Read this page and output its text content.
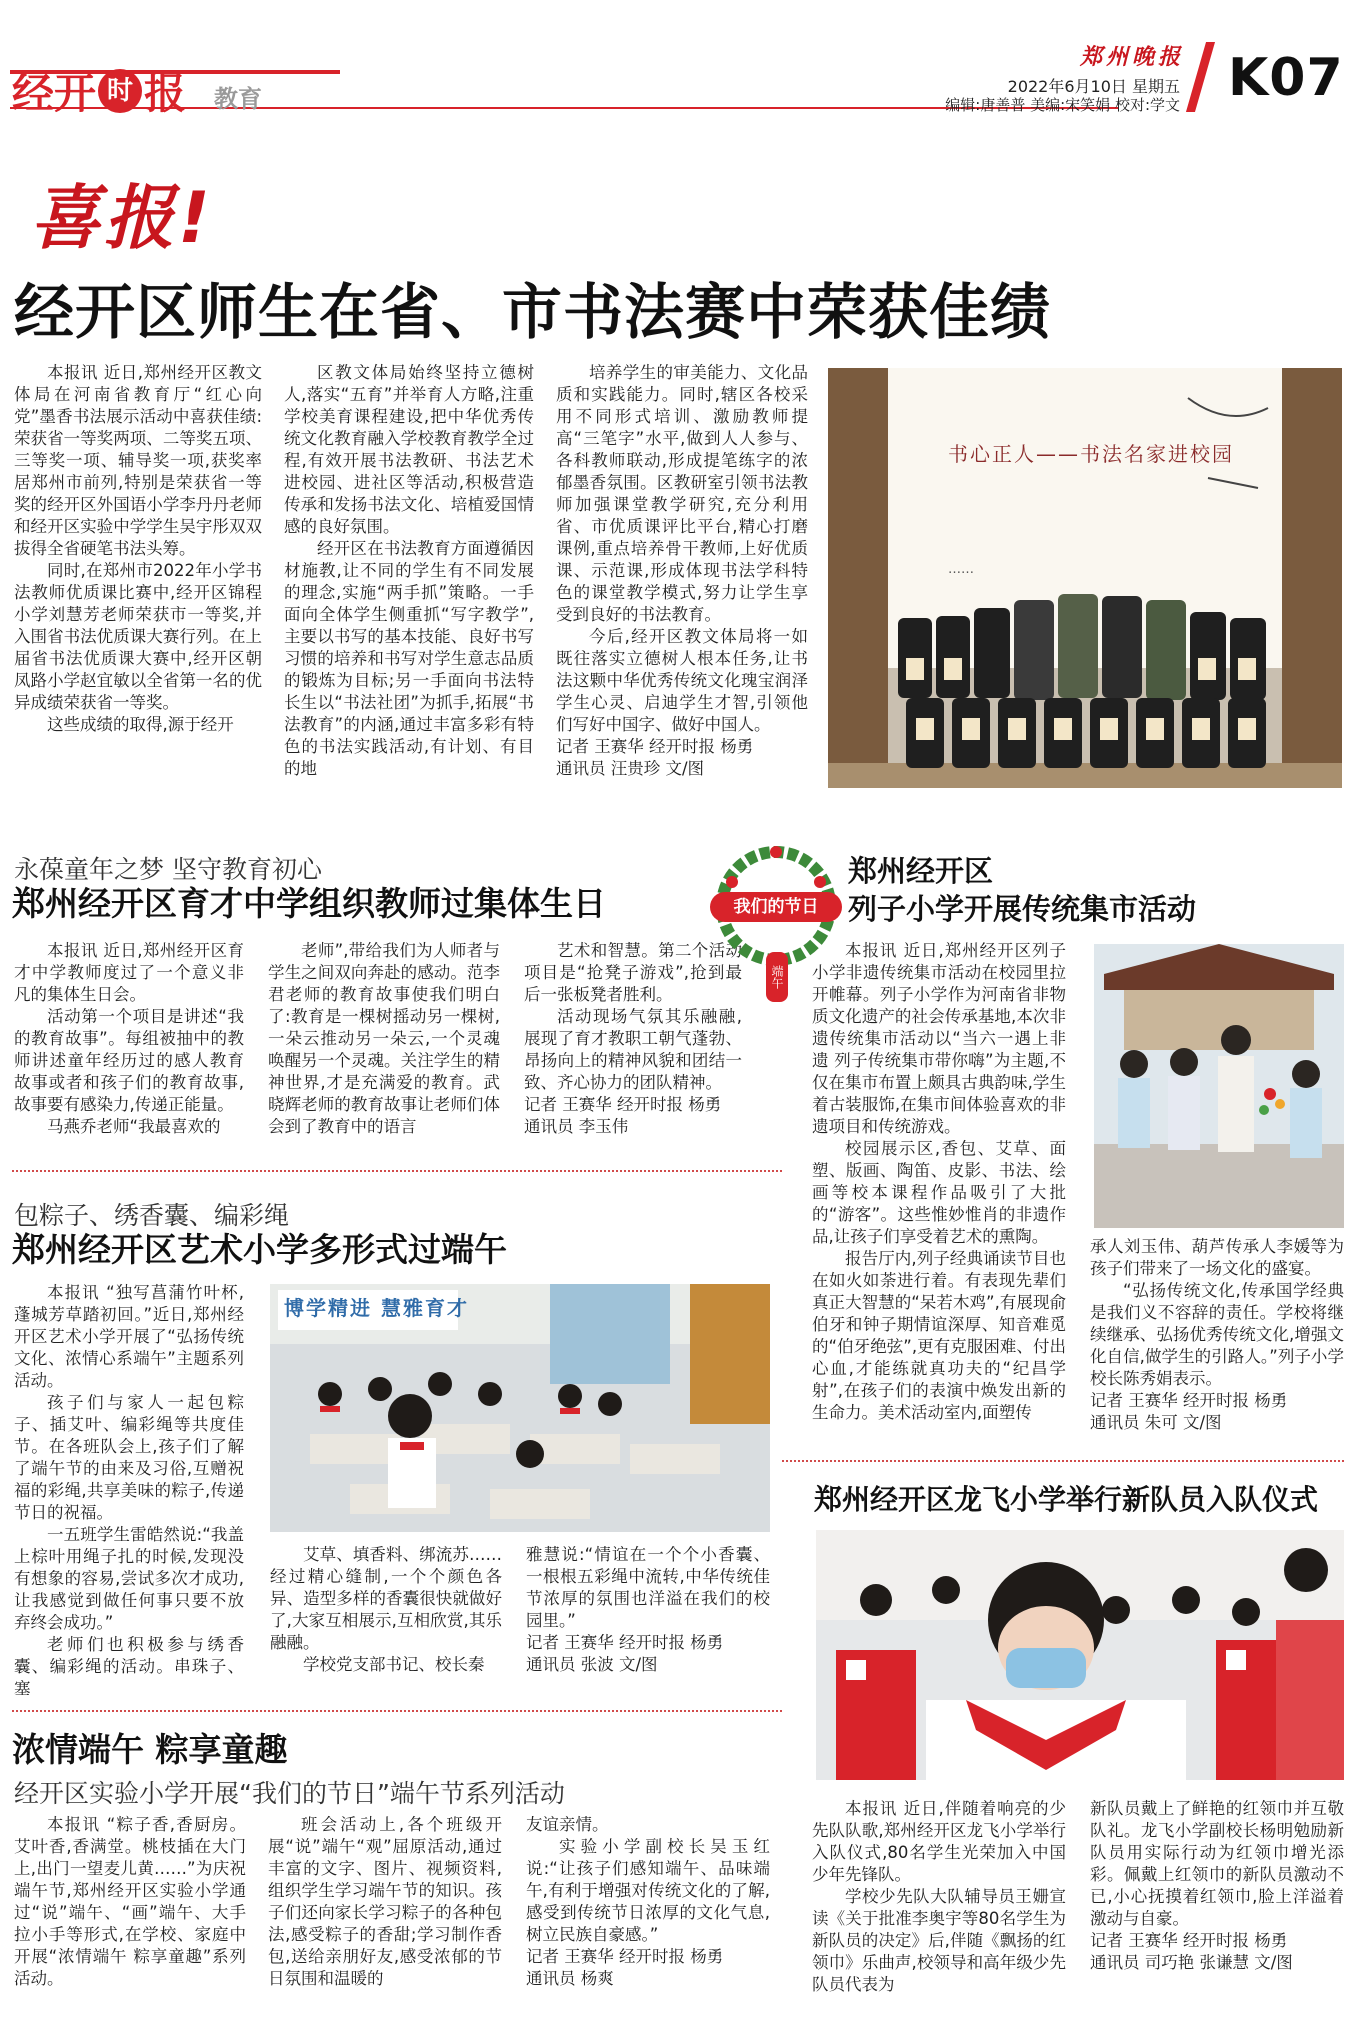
经开 时 报 教育
郑州晚报
2022年6月10日 星期五
编辑:唐善普 美编:宋笑娟 校对:学文 K07
喜报!
经开区师生在省、市书法赛中荣获佳绩

本报讯 近日,郑州经开区教文体局在河南省教育厅“红心向党”墨香书法展示活动中喜获佳绩:荣获省一等奖两项、二等奖五项、三等奖一项、辅导奖一项,获奖率居郑州市前列,特别是荣获省一等奖的经开区外国语小学李丹丹老师和经开区实验中学学生吴宇彤双双拔得全省硬笔书法头筹。

同时,在郑州市2022年小学书法教师优质课比赛中,经开区锦程小学刘慧芳老师荣获市一等奖,并入围省书法优质课大赛行列。在上届省书法优质课大赛中,经开区朝凤路小学赵宜敏以全省第一名的优异成绩荣获省一等奖。

这些成绩的取得,源于经开

区教文体局始终坚持立德树人,落实“五育”并举育人方略,注重学校美育课程建设,把中华优秀传统文化教育融入学校教育教学全过程,有效开展书法教研、书法艺术进校园、进社区等活动,积极营造传承和发扬书法文化、培植爱国情感的良好氛围。

经开区在书法教育方面遵循因材施教,让不同的学生有不同发展的理念,实施“两手抓”策略。一手面向全体学生侧重抓“写字教学”,主要以书写的基本技能、良好书写习惯的培养和书写对学生意志品质的锻炼为目标;另一手面向书法特长生以“书法社团”为抓手,拓展“书法教育”的内涵,通过丰富多彩有特色的书法实践活动,有计划、有目的地

培养学生的审美能力、文化品质和实践能力。同时,辖区各校采用不同形式培训、激励教师提高“三笔字”水平,做到人人参与、各科教师联动,形成提笔练字的浓郁墨香氛围。区教研室引领书法教师加强课堂教学研究,充分利用省、市优质课评比平台,精心打磨课例,重点培养骨干教师,上好优质课、示范课,形成体现书法学科特色的课堂教学模式,努力让学生享受到良好的书法教育。

今后,经开区教文体局将一如既往落实立德树人根本任务,让书法这颗中华优秀传统文化瑰宝润泽学生心灵、启迪学生才智,引领他们写好中国字、做好中国人。

记者 王赛华 经开时报 杨勇
通讯员 汪贵珍 文/图
……
书心正人——书法名家进校园
永葆童年之梦 坚守教育初心
郑州经开区育才中学组织教师过集体生日

本报讯 近日,郑州经开区育才中学教师度过了一个意义非凡的集体生日会。

活动第一个项目是讲述“我的教育故事”。每组被抽中的教师讲述童年经历过的感人教育故事或者和孩子们的教育故事,故事要有感染力,传递正能量。

马燕乔老师“我最喜欢的

老师”,带给我们为人师者与学生之间双向奔赴的感动。范李君老师的教育故事使我们明白了:教育是一棵树摇动另一棵树,一朵云推动另一朵云,一个灵魂唤醒另一个灵魂。关注学生的精神世界,才是充满爱的教育。武晓辉老师的教育故事让老师们体会到了教育中的语言

艺术和智慧。第二个活动项目是“抢凳子游戏”,抢到最后一张板凳者胜利。

活动现场气氛其乐融融,展现了育才教职工朝气蓬勃、昂扬向上的精神风貌和团结一致、齐心协力的团队精神。

记者 王赛华 经开时报 杨勇
通讯员 李玉伟
我们的节日
端午
郑州经开区
列子小学开展传统集市活动

本报讯 近日,郑州经开区列子小学非遗传统集市活动在校园里拉开帷幕。列子小学作为河南省非物质文化遗产的社会传承基地,本次非遗传统集市活动以“当六一遇上非遗 列子传统集市带你嗨”为主题,不仅在集市布置上颇具古典韵味,学生着古装服饰,在集市间体验喜欢的非遗项目和传统游戏。

校园展示区,香包、艾草、面塑、版画、陶笛、皮影、书法、绘画等校本课程作品吸引了大批的“游客”。这些惟妙惟肖的非遗作品,让孩子们享受着艺术的熏陶。

报告厅内,列子经典诵读节目也在如火如荼进行着。有表现先辈们真正大智慧的“呆若木鸡”,有展现俞伯牙和钟子期情谊深厚、知音难觅的“伯牙绝弦”,更有克服困难、付出心血,才能练就真功夫的“纪昌学射”,在孩子们的表演中焕发出新的生命力。美术活动室内,面塑传

承人刘玉伟、葫芦传承人李媛等为孩子们带来了一场文化的盛宴。

“弘扬传统文化,传承国学经典是我们义不容辞的责任。学校将继续继承、弘扬优秀传统文化,增强文化自信,做学生的引路人。”列子小学校长陈秀娟表示。

记者 王赛华 经开时报 杨勇
通讯员 朱可 文/图
包粽子、绣香囊、编彩绳
郑州经开区艺术小学多形式过端午

本报讯 “独写菖蒲竹叶杯,蓬城芳草踏初回。”近日,郑州经开区艺术小学开展了“弘扬传统文化、浓情心系端午”主题系列活动。

孩子们与家人一起包粽子、插艾叶、编彩绳等共度佳节。在各班队会上,孩子们了解了端午节的由来及习俗,互赠祝福的彩绳,共享美味的粽子,传递节日的祝福。

一五班学生雷皓然说:“我盖上棕叶用绳子扎的时候,发现没有想象的容易,尝试多次才成功,让我感觉到做任何事只要不放弃终会成功。”

老师们也积极参与绣香囊、编彩绳的活动。串珠子、塞

博学精进 慧雅育才

艾草、填香料、绑流苏……经过精心缝制,一个个颜色各异、造型多样的香囊很快就做好了,大家互相展示,互相欣赏,其乐融融。

学校党支部书记、校长秦

雅慧说:“情谊在一个个小香囊、一根根五彩绳中流转,中华传统佳节浓厚的氛围也洋溢在我们的校园里。”

记者 王赛华 经开时报 杨勇
通讯员 张波 文/图
郑州经开区龙飞小学举行新队员入队仪式

本报讯 近日,伴随着响亮的少先队队歌,郑州经开区龙飞小学举行入队仪式,80名学生光荣加入中国少年先锋队。

学校少先队大队辅导员王姗宣读《关于批准李奥宇等80名学生为新队员的决定》后,伴随《飘扬的红领巾》乐曲声,校领导和高年级少先队员代表为

新队员戴上了鲜艳的红领巾并互敬队礼。龙飞小学副校长杨明勉励新队员用实际行动为红领巾增光添彩。佩戴上红领巾的新队员激动不已,小心抚摸着红领巾,脸上洋溢着激动与自豪。

记者 王赛华 经开时报 杨勇
通讯员 司巧艳 张谦慧 文/图
浓情端午 粽享童趣
经开区实验小学开展“我们的节日”端午节系列活动

本报讯 “粽子香,香厨房。艾叶香,香满堂。桃枝插在大门上,出门一望麦儿黄……”为庆祝端午节,郑州经开区实验小学通过“说”端午、“画”端午、大手拉小手等形式,在学校、家庭中开展“浓情端午 粽享童趣”系列活动。

班会活动上,各个班级开展“说”端午“观”屈原活动,通过丰富的文字、图片、视频资料,组织学生学习端午节的知识。孩子们还向家长学习粽子的各种包法,感受粽子的香甜;学习制作香包,送给亲朋好友,感受浓郁的节日氛围和温暖的

友谊亲情。

实验小学副校长吴玉红说:“让孩子们感知端午、品味端午,有利于增强对传统文化的了解,感受到传统节日浓厚的文化气息,树立民族自豪感。”

记者 王赛华 经开时报 杨勇
通讯员 杨爽
